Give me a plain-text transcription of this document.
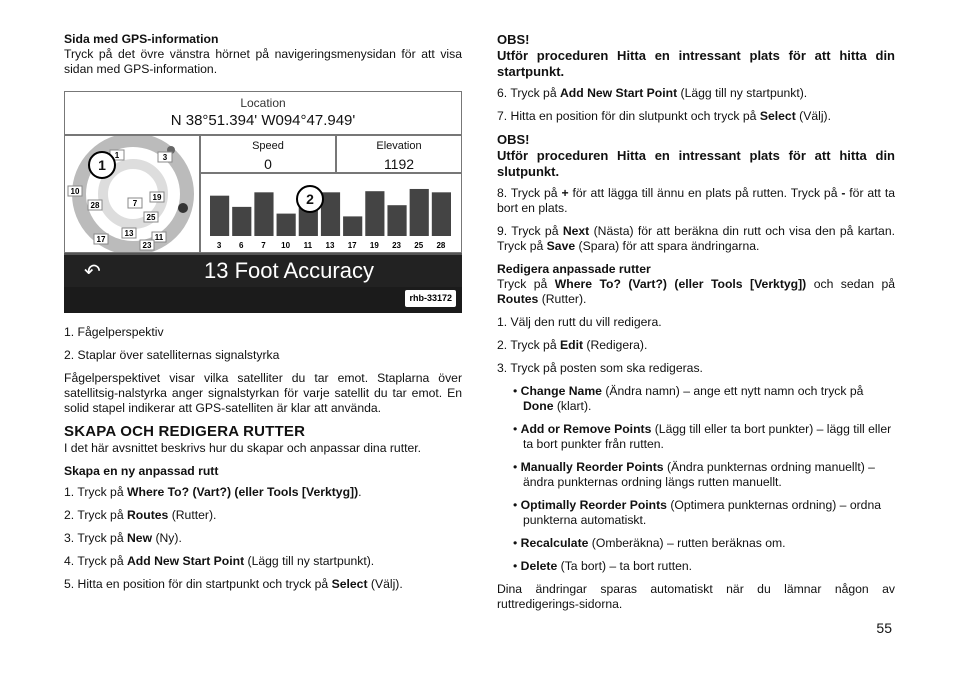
Sida med GPS-information

Tryck på det övre vänstra hörnet på navigeringsmenysidan för att visa sidan med GPS-information.

Location
N 38°51.394' W094°47.949'
10
28
1	3
7
19
25
13	11
17
23
Speed
0
Elevation
1192
3 6 7 10 11 13 17 19 23 25 28
↶	13 Foot Accuracy
rhb-33172
1
2
1. Fågelperspektiv
2. Staplar över satelliternas signalstyrka

Fågelperspektivet visar vilka satelliter du tar emot. Staplarna över satellitsig-nalstyrka anger signalstyrkan för varje satellit du tar emot. En solid stapel indikerar att GPS-satelliten är klar att använda.

SKAPA OCH REDIGERA RUTTER

I det här avsnittet beskrivs hur du skapar och anpassar dina rutter.

Skapa en ny anpassad rutt
1. Tryck på Where To? (Vart?) (eller Tools [Verktyg]).
2. Tryck på Routes (Rutter).
3. Tryck på New (Ny).
4. Tryck på Add New Start Point (Lägg till ny startpunkt).
5. Hitta en position för din startpunkt och tryck på Select (Välj).
OBS!
Utför proceduren Hitta en intressant plats för att hitta din startpunkt.
6. Tryck på Add New Start Point (Lägg till ny startpunkt).
7. Hitta en position för din slutpunkt och tryck på Select (Välj).
OBS!
Utför proceduren Hitta en intressant plats för att hitta din slutpunkt.

8. Tryck på + för att lägga till ännu en plats på rutten. Tryck på - för att ta bort en plats.

9. Tryck på Next (Nästa) för att beräkna din rutt och visa den på kartan. Tryck på Save (Spara) för att spara ändringarna.

Redigera anpassade rutter

Tryck på Where To? (Vart?) (eller Tools [Verktyg]) och sedan på Routes (Rutter).

1. Välj den rutt du vill redigera.
2. Tryck på Edit (Redigera).
3. Tryck på posten som ska redigeras.
• Change Name (Ändra namn) – ange ett nytt namn och tryck på Done (klart).
• Add or Remove Points (Lägg till eller ta bort punkter) – lägg till eller ta bort punkter från rutten.
• Manually Reorder Points (Ändra punkternas ordning manuellt) – ändra punkternas ordning längs rutten manuellt.
• Optimally Reorder Points (Optimera punkternas ordning) – ordna punkterna automatiskt.
• Recalculate (Omberäkna) – rutten beräknas om.
• Delete (Ta bort) – ta bort rutten.

Dina ändringar sparas automatiskt när du lämnar någon av ruttredigerings-sidorna.

55
